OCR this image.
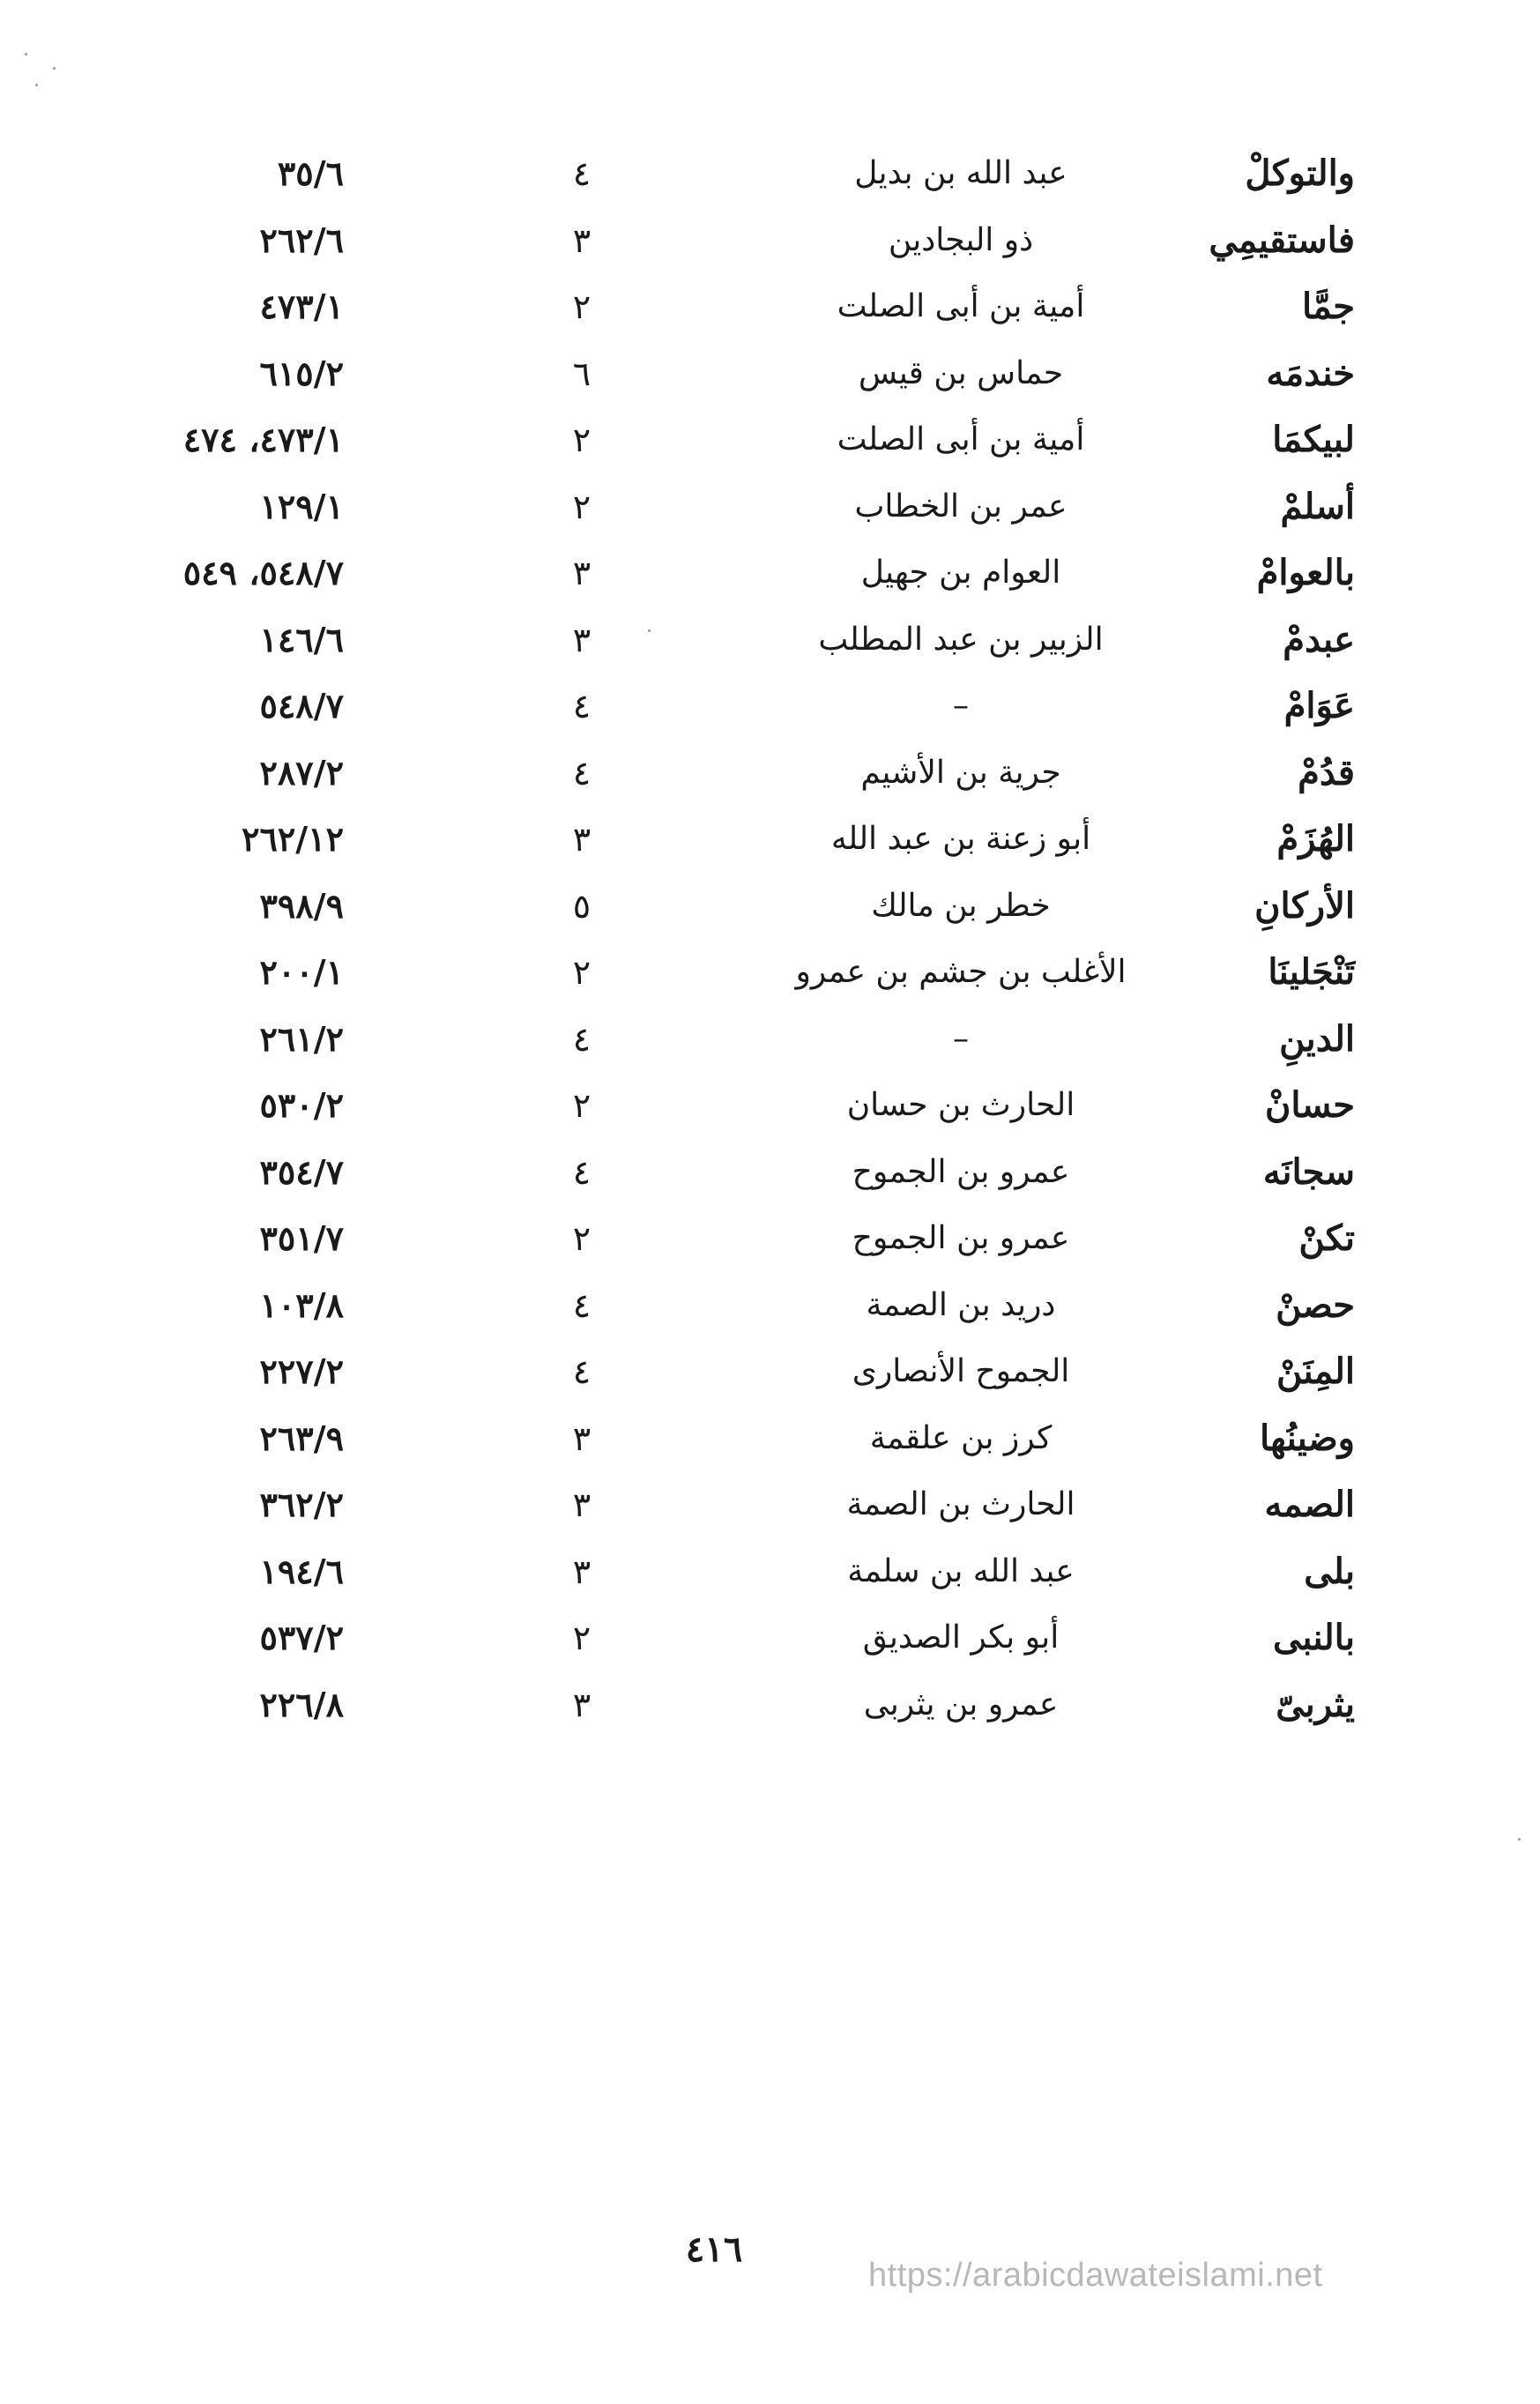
والتوكلْ
عبد الله بن بديل
٤
٣٥/٦
فاستقيمِي
ذو البجادين
٣
٢٦٢/٦
جمَّا
أمية بن أبى الصلت
٢
٤٧٣/١
خندمَه
حماس بن قيس
٦
٦١٥/٢
لبيكمَا
أمية بن أبى الصلت
٢
٤٧٣/١، ٤٧٤
أسلمْ
عمر بن الخطاب
٢
١٢٩/١
بالعوامْ
العوام بن جهيل
٣
٥٤٨/٧، ٥٤٩
عبدمْ
الزبير بن عبد المطلب
٣
١٤٦/٦
عَوَامْ
–
٤
٥٤٨/٧
قدُمْ
جرية بن الأشيم
٤
٢٨٧/٢
الهُزَمْ
أبو زعنة بن عبد الله
٣
٢٦٢/١٢
الأركانِ
خطر بن مالك
٥
٣٩٨/٩
تَنْجَلينَا
الأغلب بن جشم بن عمرو
٢
٢٠٠/١
الدينِ
–
٤
٢٦١/٢
حسانْ
الحارث بن حسان
٢
٥٣٠/٢
سجانَه
عمرو بن الجموح
٤
٣٥٤/٧
تكنْ
عمرو بن الجموح
٢
٣٥١/٧
حصنْ
دريد بن الصمة
٤
١٠٣/٨
المِنَنْ
الجموح الأنصارى
٤
٢٢٧/٢
وضينُها
كرز بن علقمة
٣
٢٦٣/٩
الصمه
الحارث بن الصمة
٣
٣٦٢/٢
بلى
عبد الله بن سلمة
٣
١٩٤/٦
بالنبى
أبو بكر الصديق
٢
٥٣٧/٢
يثربىّ
عمرو بن يثربى
٣
٢٢٦/٨
٤١٦
https://arabicdawateislami.net
